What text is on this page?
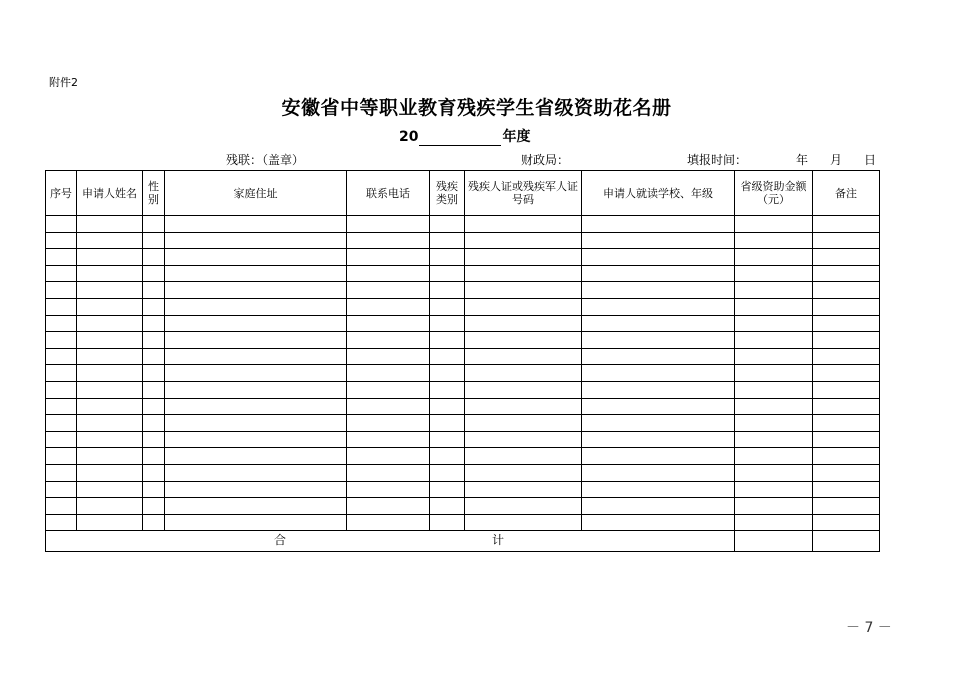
附件2
安徽省中等职业教育残疾学生省级资助花名册
20	年度
残联：（盖章）	财政局：	填报时间：	年 月 日
序号	申请人姓名	性别	家庭住址	联系电话	残疾类别	残疾人证或残疾军人证号码	申请人就读学校、年级	省级资助金额（元）	备注

合 计									

－ 7 －
